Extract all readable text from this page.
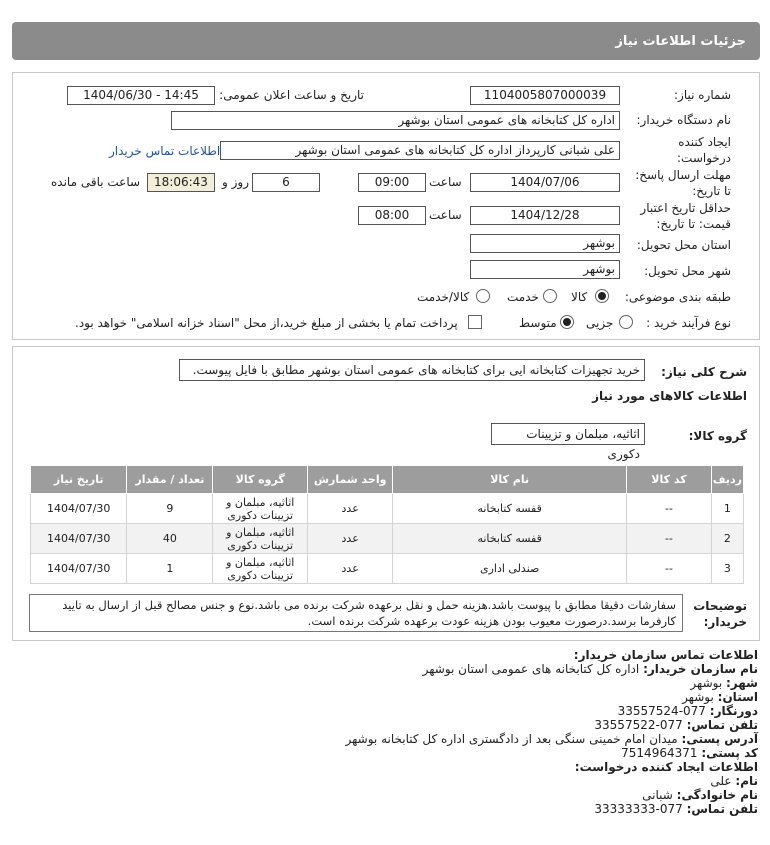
جزئیات اطلاعات نیاز
شماره نیاز:
1104005807000039
تاریخ و ساعت اعلان عمومی:
1404/06/30 - 14:45
نام دستگاه خریدار:
اداره کل کتابخانه های عمومی استان بوشهر
ایجاد کننده
درخواست:
علی شبانی کارپرداز اداره کل کتابخانه های عمومی استان بوشهر
اطلاعات تماس خریدار
مهلت ارسال پاسخ:
تا تاریخ:
1404/07/06
ساعت
09:00
6
روز و
18:06:43
ساعت باقی مانده
حداقل تاریخ اعتبار
قیمت: تا تاریخ:
1404/12/28
ساعت
08:00
استان محل تحویل:
بوشهر
شهر محل تحویل:
بوشهر
طبقه بندی موضوعی:
کالا
خدمت
کالا/خدمت
نوع فرآیند خرید :
جزیی
متوسط
پرداخت تمام یا بخشی از مبلغ خرید،از محل "اسناد خزانه اسلامی" خواهد بود.
شرح کلی نیاز:
خرید تجهیزات کتابخانه ایی برای کتابخانه های عمومی استان بوشهر مطابق با فایل پیوست.
اطلاعات کالاهای مورد نیاز
گروه کالا:
اثاثیه، مبلمان و تزیینات دکوری
ردیف	کد کالا	نام کالا	واحد شمارش	گروه کالا	تعداد / مقدار	تاریخ نیاز
1	--	قفسه کتابخانه	عدد	اثاثیه، مبلمان و تزیینات دکوری	9	1404/07/30
2	--	قفسه کتابخانه	عدد	اثاثیه، مبلمان و تزیینات دکوری	40	1404/07/30
3	--	صندلی اداری	عدد	اثاثیه، مبلمان و تزیینات دکوری	1	1404/07/30
توضیحات
خریدار:
سفارشات دقیقا مطابق با پیوست باشد.هزینه حمل و نقل برعهده شرکت برنده می باشد.نوع و جنس مصالح قبل از ارسال به تایید کارفرما برسد.درصورت معیوب بودن هزینه عودت برعهده شرکت برنده است.
اطلاعات تماس سازمان خریدار:
نام سازمان خریدار: اداره کل کتابخانه های عمومی استان بوشهر
شهر: بوشهر
استان: بوشهر
دورنگار: 077-33557524
تلفن تماس: 077-33557522
آدرس پستی: میدان امام خمینی سنگی بعد از دادگستری اداره کل کتابخانه بوشهر
کد پستی: 7514964371
اطلاعات ایجاد کننده درخواست:
نام: علی
نام خانوادگی: شبانی
تلفن تماس: 077-33333333
